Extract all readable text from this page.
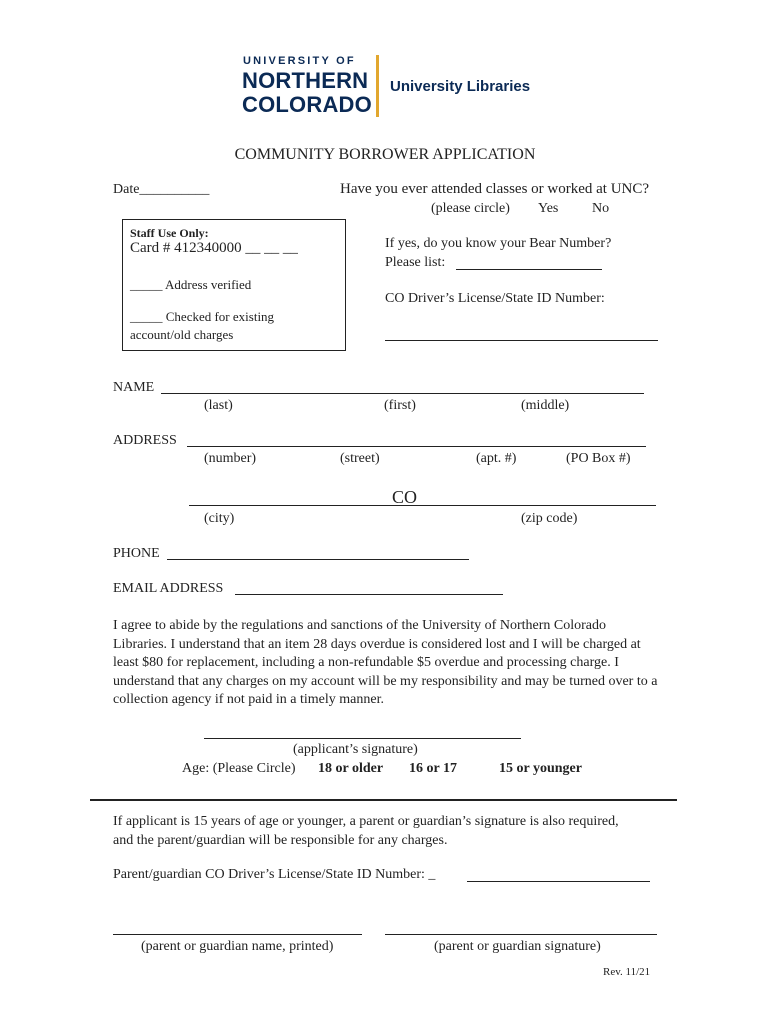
UNIVERSITY OF
NORTHERN
COLORADO
University Libraries
COMMUNITY BORROWER APPLICATION
Date__________	Have you ever attended classes or worked at UNC?
(please circle) Yes No
Staff Use Only:
Card # 412340000 __ __ __
_____ Address verified
_____ Checked for existing
account/old charges
If yes, do you know your Bear Number?
Please list:
CO Driver’s License/State ID Number:
NAME
(last)	(first)	(middle)
ADDRESS
(number)	(street)	(apt. #)	(PO Box #)
CO
(city)	(zip code)
PHONE
EMAIL ADDRESS
I agree to abide by the regulations and sanctions of the University of Northern Colorado Libraries. I understand that an item 28 days overdue is considered lost and I will be charged at least $80 for replacement, including a non-refundable $5 overdue and processing charge. I understand that any charges on my account will be my responsibility and may be turned over to a collection agency if not paid in a timely manner.
(applicant’s signature)
Age: (Please Circle) 18 or older 16 or 17	15 or younger
If applicant is 15 years of age or younger, a parent or guardian’s signature is also required, and the parent/guardian will be responsible for any charges.
Parent/guardian CO Driver’s License/State ID Number: _
(parent or guardian name, printed)	(parent or guardian signature)
Rev. 11/21
